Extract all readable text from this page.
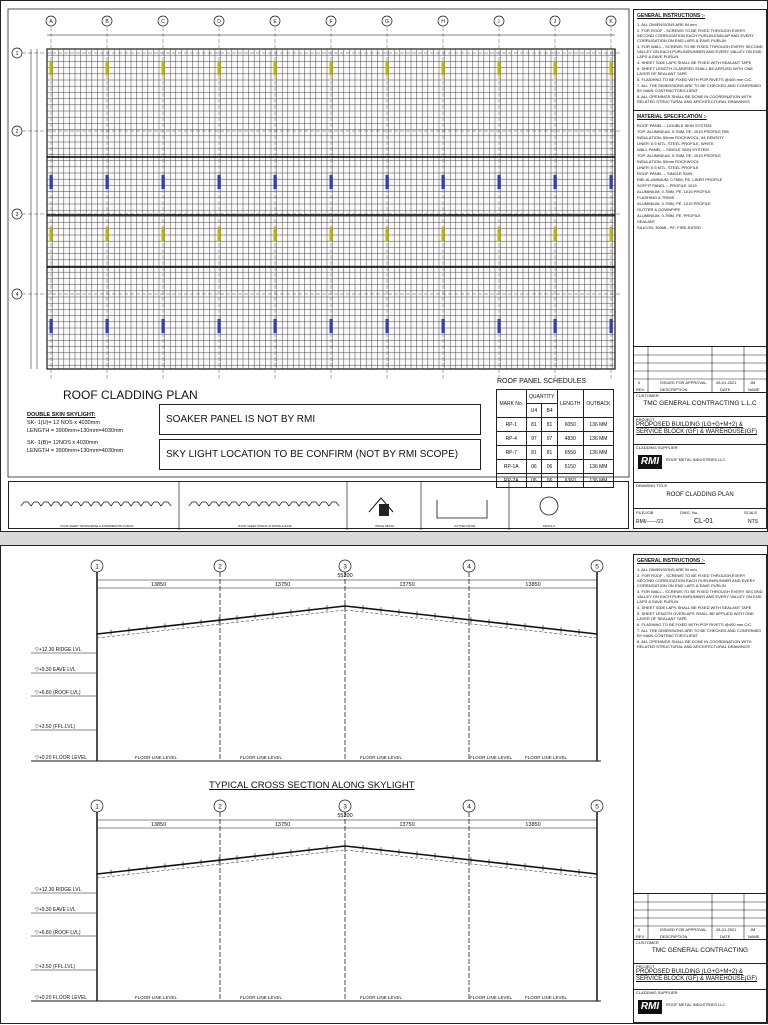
A	B	C	D	E	F	G	H	I	J	K
1
2
3
4
ROOF CLADDING PLAN
DOUBLE SKIN SKYLIGHT:
SK- 1(U)= 12 NOS x 4030mm
LENGTH = 3900mm+130mm=4030mm
SK- 1(B)= 12NOS x 4030mm
LENGTH = 3900mm+130mm=4030mm
SOAKER PANEL IS NOT BY RMI
SKY LIGHT LOCATION TO BE CONFIRM (NOT BY RMI SCOPE)
ROOF PANEL SCHEDULES
MARK No.	QUANTITY		LENGTH	OUTBACK
	U4	B4		
RP-1	81	81	6050	136 MM
RP-4	97	97	4830	136 MM
RP-7	81	81	6550	136 MM
RP-1A	06	06	5150	136 MM
RP-2A	06	06	6360	136 MM
ROOF SHEET TRANSVERSE & INTERMEDIATE PURLIN	ROOF SHEET PURLIN AT RIDGE & EAVE	RIDGE DETAIL	GUTTER DETAIL	DETAIL-A
GENERAL INSTRUCTIONS :-
1. ALL DIMENSIONS ARE IN mm.
2. FOR ROOF - SCREWS TO BE FIXED THROUGH EVERY SECOND CORRUGATION EACH PURLIN,ENDLAP AND EVERY CORRUGATION ON END LAPS & EAVE PURLIN
3. FOR WALL - SCREWS TO BE FIXED THROUGH EVERY SECOND VALLEY ON EACH PURLIN/RUNNER AND EVERY VALLEY ON END LAPS & EAVE PURLIN
4. SHEET SIDE LAPS SHALL BE FIXED WITH SEALANT TAPE
5. SHEET LENGTH CLARIFIED SHALL BE APPLIED WITH ONE LAYER OF SEALANT TAPE
6. FLASHING TO BE FIXED WITH POP RIVETS @400 mm C/C.
7. ALL THE DIMENSIONS ARE TO BE CHECKED AND CONFIRMED BY MAIN CONTRACTOR/CLIENT
8. ALL OPENINGS SHALL BE DONE IN COORDINATION WITH RELATED STRUCTURAL AND ARCHITECTURAL DRAWINGS
MATERIAL SPECIFICATION :-
ROOF PANEL :- DOUBLE SKIN SYSTEM
TOP: ALUMINIUM, 0.7MM, PE, 1015 PROFILE RIB
INSULATION: 50mm ROCKWOOL, 64 DENSITY
LINER: 0.5 MTL, STEEL PROFILE, WHITE
WALL PANEL :- SINGLE SKIN SYSTEM
TOP: ALUMINIUM, 0.7MM, PE, 1015 PROFILE
INSULATION: 50mm ROCKWOOL
LINER: 0.5 MTL, STEEL PROFILE
ROOF PANEL :- SINGLE SKIN
RIB: ALUMINIUM, 0.7MM, PE, LINER PROFILE
SOFFIT PANEL :- PROFILE 1015
ALUMINIUM, 0.7MM, PE, 1015 PROFILE
FLASHING & TRIMS
ALUMINIUM, 0.7MM, PE, 1015 PROFILE
GUTTER & DOWNPIPE
ALUMINIUM, 0.7MM, PE, PROFILE
SEALANT
SILICON, 300ML, PE, FIRE-RATED
0	ISSUED FOR APPROVAL 28-01-2021	JM
REV.	DESCRIPTION	DATE	NAME
CUSTOMER
TMC GENERAL CONTRACTING L.L.C
PROJECT
PROPOSED BUILDING (LG+G+M+2) &
SERVICE BLOCK (GF) & WAREHOUSE(GF)
CLADDING SUPPLIER
RMI	ROOF METAL INDUSTRIES LLC
DRAWING TITLE
ROOF CLADDING PLAN
FILE/JOB	DWG. No.	SCALE
RMI/——/21	CL-01	NTS
1	2	3	4	5
55200
13850	13750	13750	13850
▽+12.30 RIDGE LVL
▽+9.30 EAVE LVL
▽+6.80 (ROOF LVL)
▽+3.50 (FFL.LVL)
▽+0.20 FLOOR LEVEL	FLOOR LINE LEVEL	FLOOR LINE LEVEL	FLOOR LINE LEVEL	FLOOR LINE LEVEL	FLOOR LINE LEVEL
1	2	3	4	5
55200
13850	13750	13750	13850
▽+12.30 RIDGE LVL
▽+9.30 EAVE LVL
▽+6.80 (ROOF LVL)
▽+3.50 (FFL.LVL)
▽+0.20 FLOOR LEVEL	FLOOR LINE LEVEL	FLOOR LINE LEVEL	FLOOR LINE LEVEL	FLOOR LINE LEVEL	FLOOR LINE LEVEL
TYPICAL CROSS SECTION ALONG SKYLIGHT
GENERAL INSTRUCTIONS :-
1. ALL DIMENSIONS ARE IN mm.
2. FOR ROOF - SCREWS TO BE FIXED THROUGH EVERY SECOND CORRUGATION EACH PURLIN/RUNNER AND EVERY CORRUGATION ON END LAPS & EAVE PURLIN
3. FOR WALL - SCREWS TO BE FIXED THROUGH EVERY SECOND VALLEY ON EACH PURLIN/RUNNER AND EVERY VALLEY ON END LAPS & EAVE PURLIN
4. SHEET SIDE LAPS SHALL BE FIXED WITH SEALANT TAPE
5. SHEET LENGTH OVERLAPS SHALL BE APPLIED WITH ONE LAYER OF SEALANT TAPE
6. FLASHING TO BE FIXED WITH POP RIVETS @400 mm C/C.
7. ALL THE DIMENSIONS ARE TO BE CHECKED AND CONFIRMED BY MAIN CONTRACTOR/CLIENT
8. ALL OPENINGS SHALL BE DONE IN COORDINATION WITH RELATED STRUCTURAL AND ARCHITECTURAL DRAWINGS
0	ISSUED FOR APPROVAL 28-01-2021	JM
REV.	DESCRIPTION	DATE	NAME
CUSTOMER
TMC GENERAL CONTRACTING
PROJECT
PROPOSED BUILDING (LG+G+M+2) &
SERVICE BLOCK (GF) & WAREHOUSE(GF)
CLADDING SUPPLIER
RMI	ROOF METAL INDUSTRIES LLC
